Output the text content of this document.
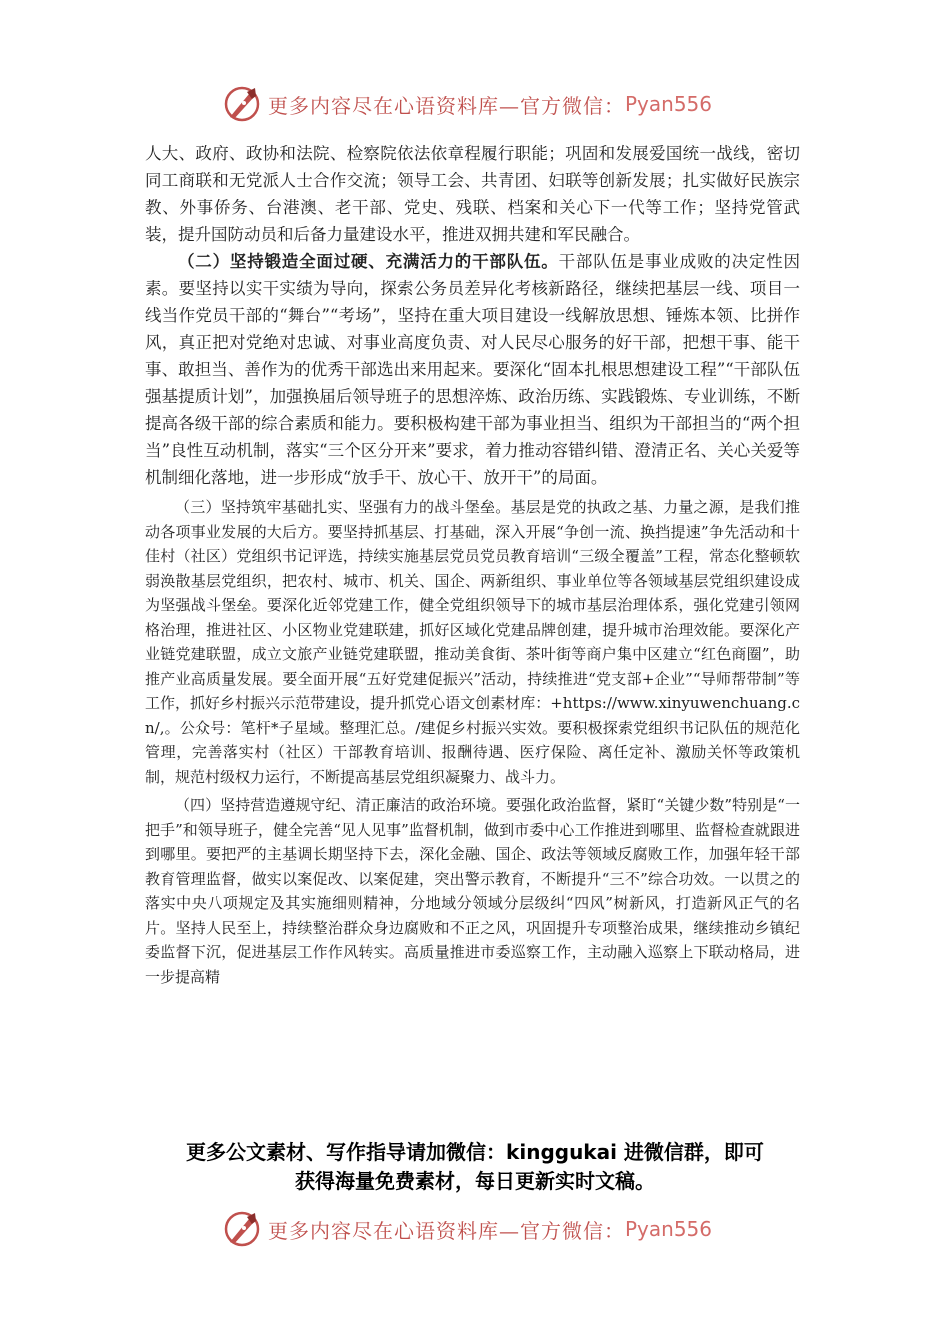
更多内容尽在心语资料库—官方微信： Pyan556

人大、政府、政协和法院、检察院依法依章程履行职能；巩固和发展爱国统一战线，密切同工商联和无党派人士合作交流；领导工会、共青团、妇联等创新发展；扎实做好民族宗教、外事侨务、台港澳、老干部、党史、残联、档案和关心下一代等工作；坚持党管武装，提升国防动员和后备力量建设水平，推进双拥共建和军民融合。

（二）坚持锻造全面过硬、充满活力的干部队伍。干部队伍是事业成败的决定性因素。要坚持以实干实绩为导向，探索公务员差异化考核新路径，继续把基层一线、项目一线当作党员干部的“舞台”“考场”，坚持在重大项目建设一线解放思想、锤炼本领、比拼作风，真正把对党绝对忠诚、对事业高度负责、对人民尽心服务的好干部，把想干事、能干事、敢担当、善作为的优秀干部选出来用起来。要深化“固本扎根思想建设工程”“干部队伍强基提质计划”，加强换届后领导班子的思想淬炼、政治历练、实践锻炼、专业训练，不断提高各级干部的综合素质和能力。要积极构建干部为事业担当、组织为干部担当的“两个担当”良性互动机制，落实“三个区分开来”要求，着力推动容错纠错、澄清正名、关心关爱等机制细化落地，进一步形成“放手干、放心干、放开干”的局面。

（三）坚持筑牢基础扎实、坚强有力的战斗堡垒。基层是党的执政之基、力量之源，是我们推动各项事业发展的大后方。要坚持抓基层、打基础，深入开展“争创一流、换挡提速”争先活动和十佳村（社区）党组织书记评选，持续实施基层党员党员教育培训“三级全覆盖”工程，常态化整顿软弱涣散基层党组织，把农村、城市、机关、国企、两新组织、事业单位等各领域基层党组织建设成为坚强战斗堡垒。要深化近邻党建工作，健全党组织领导下的城市基层治理体系，强化党建引领网格治理，推进社区、小区物业党建联建，抓好区域化党建品牌创建，提升城市治理效能。要深化产业链党建联盟，成立文旅产业链党建联盟，推动美食街、茶叶街等商户集中区建立“红色商圈”，助推产业高质量发展。要全面开展“五好党建促振兴”活动，持续推进“党支部+企业”“导师帮带制”等工作，抓好乡村振兴示范带建设，提升抓党心语文创素材库：+https://www.xinyuwenchuang.cn/,。公众号：笔杆*子星域。整理汇总。/建促乡村振兴实效。要积极探索党组织书记队伍的规范化管理，完善落实村（社区）干部教育培训、报酬待遇、医疗保险、离任定补、激励关怀等政策机制，规范村级权力运行，不断提高基层党组织凝聚力、战斗力。

（四）坚持营造遵规守纪、清正廉洁的政治环境。要强化政治监督，紧盯“关键少数”特别是“一把手”和领导班子，健全完善“见人见事”监督机制，做到市委中心工作推进到哪里、监督检查就跟进到哪里。要把严的主基调长期坚持下去，深化金融、国企、政法等领域反腐败工作，加强年轻干部教育管理监督，做实以案促改、以案促建，突出警示教育，不断提升“三不”综合功效。一以贯之的落实中央八项规定及其实施细则精神，分地域分领域分层级纠“四风”树新风，打造新风正气的名片。坚持人民至上，持续整治群众身边腐败和不正之风，巩固提升专项整治成果，继续推动乡镇纪委监督下沉，促进基层工作作风转实。高质量推进市委巡察工作，主动融入巡察上下联动格局，进一步提高精

更多公文素材、写作指导请加微信：kinggukai 进微信群，即可
获得海量免费素材，每日更新实时文稿。
更多内容尽在心语资料库—官方微信： Pyan556
